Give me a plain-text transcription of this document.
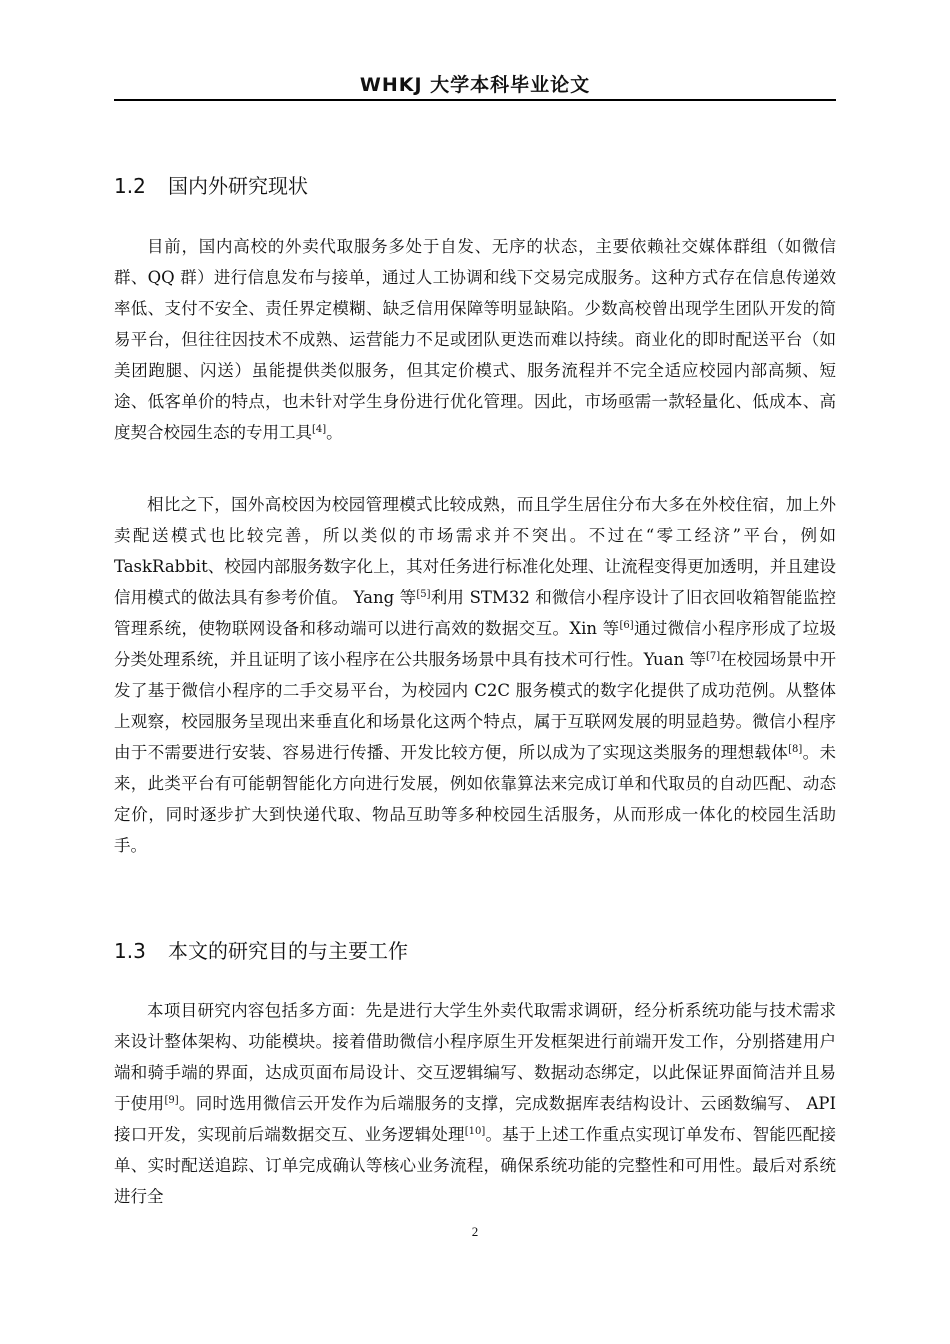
WHKJ 大学本科毕业论文
1.2 国内外研究现状

目前，国内高校的外卖代取服务多处于自发、无序的状态，主要依赖社交媒体群组（如微信群、QQ 群）进行信息发布与接单，通过人工协调和线下交易完成服务。这种方式存在信息传递效率低、支付不安全、责任界定模糊、缺乏信用保障等明显缺陷。少数高校曾出现学生团队开发的简易平台，但往往因技术不成熟、运营能力不足或团队更迭而难以持续。商业化的即时配送平台（如美团跑腿、闪送）虽能提供类似服务，但其定价模式、服务流程并不完全适应校园内部高频、短途、低客单价的特点，也未针对学生身份进行优化管理。因此，市场亟需一款轻量化、低成本、高度契合校园生态的专用工具[4]。

相比之下，国外高校因为校园管理模式比较成熟，而且学生居住分布大多在外校住宿，加上外卖配送模式也比较完善，所以类似的市场需求并不突出。不过在“零工经济”平台，例如 TaskRabbit、校园内部服务数字化上，其对任务进行标准化处理、让流程变得更加透明，并且建设信用模式的做法具有参考价值。 Yang 等[5]利用 STM32 和微信小程序设计了旧衣回收箱智能监控管理系统，使物联网设备和移动端可以进行高效的数据交互。Xin 等[6]通过微信小程序形成了垃圾分类处理系统，并且证明了该小程序在公共服务场景中具有技术可行性。Yuan 等[7]在校园场景中开发了基于微信小程序的二手交易平台，为校园内 C2C 服务模式的数字化提供了成功范例。从整体上观察，校园服务呈现出来垂直化和场景化这两个特点，属于互联网发展的明显趋势。微信小程序由于不需要进行安装、容易进行传播、开发比较方便，所以成为了实现这类服务的理想载体[8]。未来，此类平台有可能朝智能化方向进行发展，例如依靠算法来完成订单和代取员的自动匹配、动态定价，同时逐步扩大到快递代取、物品互助等多种校园生活服务，从而形成一体化的校园生活助手。

1.3 本文的研究目的与主要工作

本项目研究内容包括多方面：先是进行大学生外卖代取需求调研，经分析系统功能与技术需求来设计整体架构、功能模块。接着借助微信小程序原生开发框架进行前端开发工作，分别搭建用户端和骑手端的界面，达成页面布局设计、交互逻辑编写、数据动态绑定，以此保证界面简洁并且易于使用[9]。同时选用微信云开发作为后端服务的支撑，完成数据库表结构设计、云函数编写、 API 接口开发，实现前后端数据交互、业务逻辑处理[10]。基于上述工作重点实现订单发布、智能匹配接单、实时配送追踪、订单完成确认等核心业务流程，确保系统功能的完整性和可用性。最后对系统进行全

2
